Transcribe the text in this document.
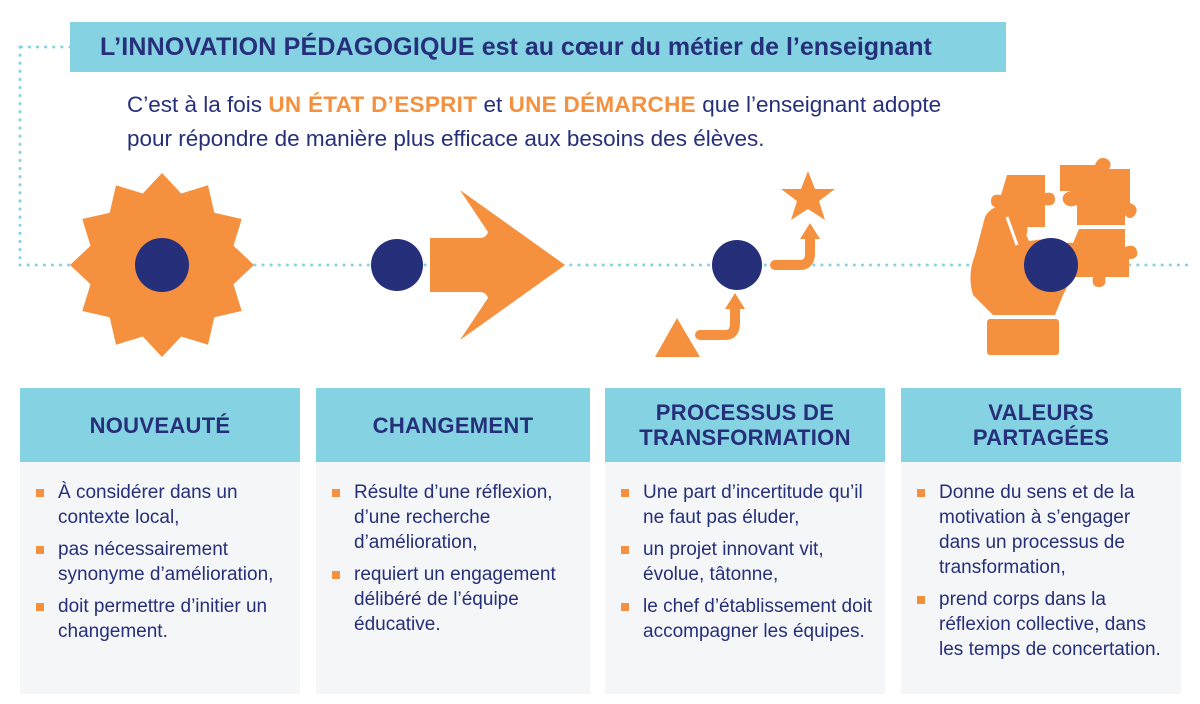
L’INNOVATION PÉDAGOGIQUE est au cœur du métier de l’enseignant
C’est à la fois UN ÉTAT D’ESPRIT et UNE DÉMARCHE que l’enseignant adopte pour répondre de manière plus efficace aux besoins des élèves.
NOUVEAUTÉ
À considérer dans un contexte local,
pas nécessairement synonyme d’amélioration,
doit permettre d’initier un changement.
CHANGEMENT
Résulte d’une réflexion, d’une recherche d’amélioration,
requiert un engagement délibéré de l’équipe éducative.
PROCESSUS DE
TRANSFORMATION
Une part d’incertitude qu’il ne faut pas éluder,
un projet innovant vit, évolue, tâtonne,
le chef d’établissement doit accompagner les équipes.
VALEURS
PARTAGÉES
Donne du sens et de la motivation à s’engager dans un processus de transformation,
prend corps dans la réflexion collective, dans les temps de concertation.
